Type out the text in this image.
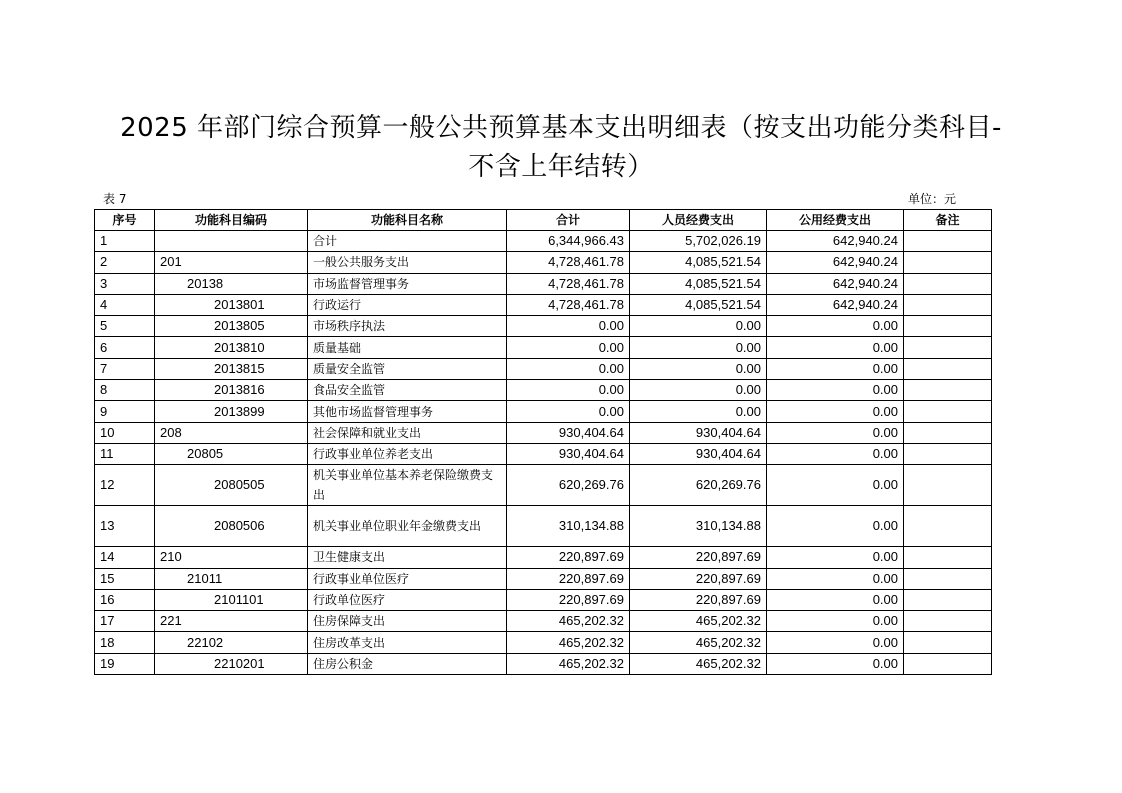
2025 年部门综合预算一般公共预算基本支出明细表（按支出功能分类科目-
不含上年结转）
表 7	单位：元
序号	功能科目编码	功能科目名称	合计	人员经费支出	公用经费支出	备注
1		合计	6,344,966.43	5,702,026.19	642,940.24	
2	201	一般公共服务支出	4,728,461.78	4,085,521.54	642,940.24	
3	20138	市场监督管理事务	4,728,461.78	4,085,521.54	642,940.24	
4	2013801	行政运行	4,728,461.78	4,085,521.54	642,940.24	
5	2013805	市场秩序执法	0.00	0.00	0.00	
6	2013810	质量基础	0.00	0.00	0.00	
7	2013815	质量安全监管	0.00	0.00	0.00	
8	2013816	食品安全监管	0.00	0.00	0.00	
9	2013899	其他市场监督管理事务	0.00	0.00	0.00	
10	208	社会保障和就业支出	930,404.64	930,404.64	0.00	
11	20805	行政事业单位养老支出	930,404.64	930,404.64	0.00	
12	2080505	机关事业单位基本养老保险缴费支出	620,269.76	620,269.76	0.00	
13	2080506	机关事业单位职业年金缴费支出	310,134.88	310,134.88	0.00	
14	210	卫生健康支出	220,897.69	220,897.69	0.00	
15	21011	行政事业单位医疗	220,897.69	220,897.69	0.00	
16	2101101	行政单位医疗	220,897.69	220,897.69	0.00	
17	221	住房保障支出	465,202.32	465,202.32	0.00	
18	22102	住房改革支出	465,202.32	465,202.32	0.00	
19	2210201	住房公积金	465,202.32	465,202.32	0.00	
